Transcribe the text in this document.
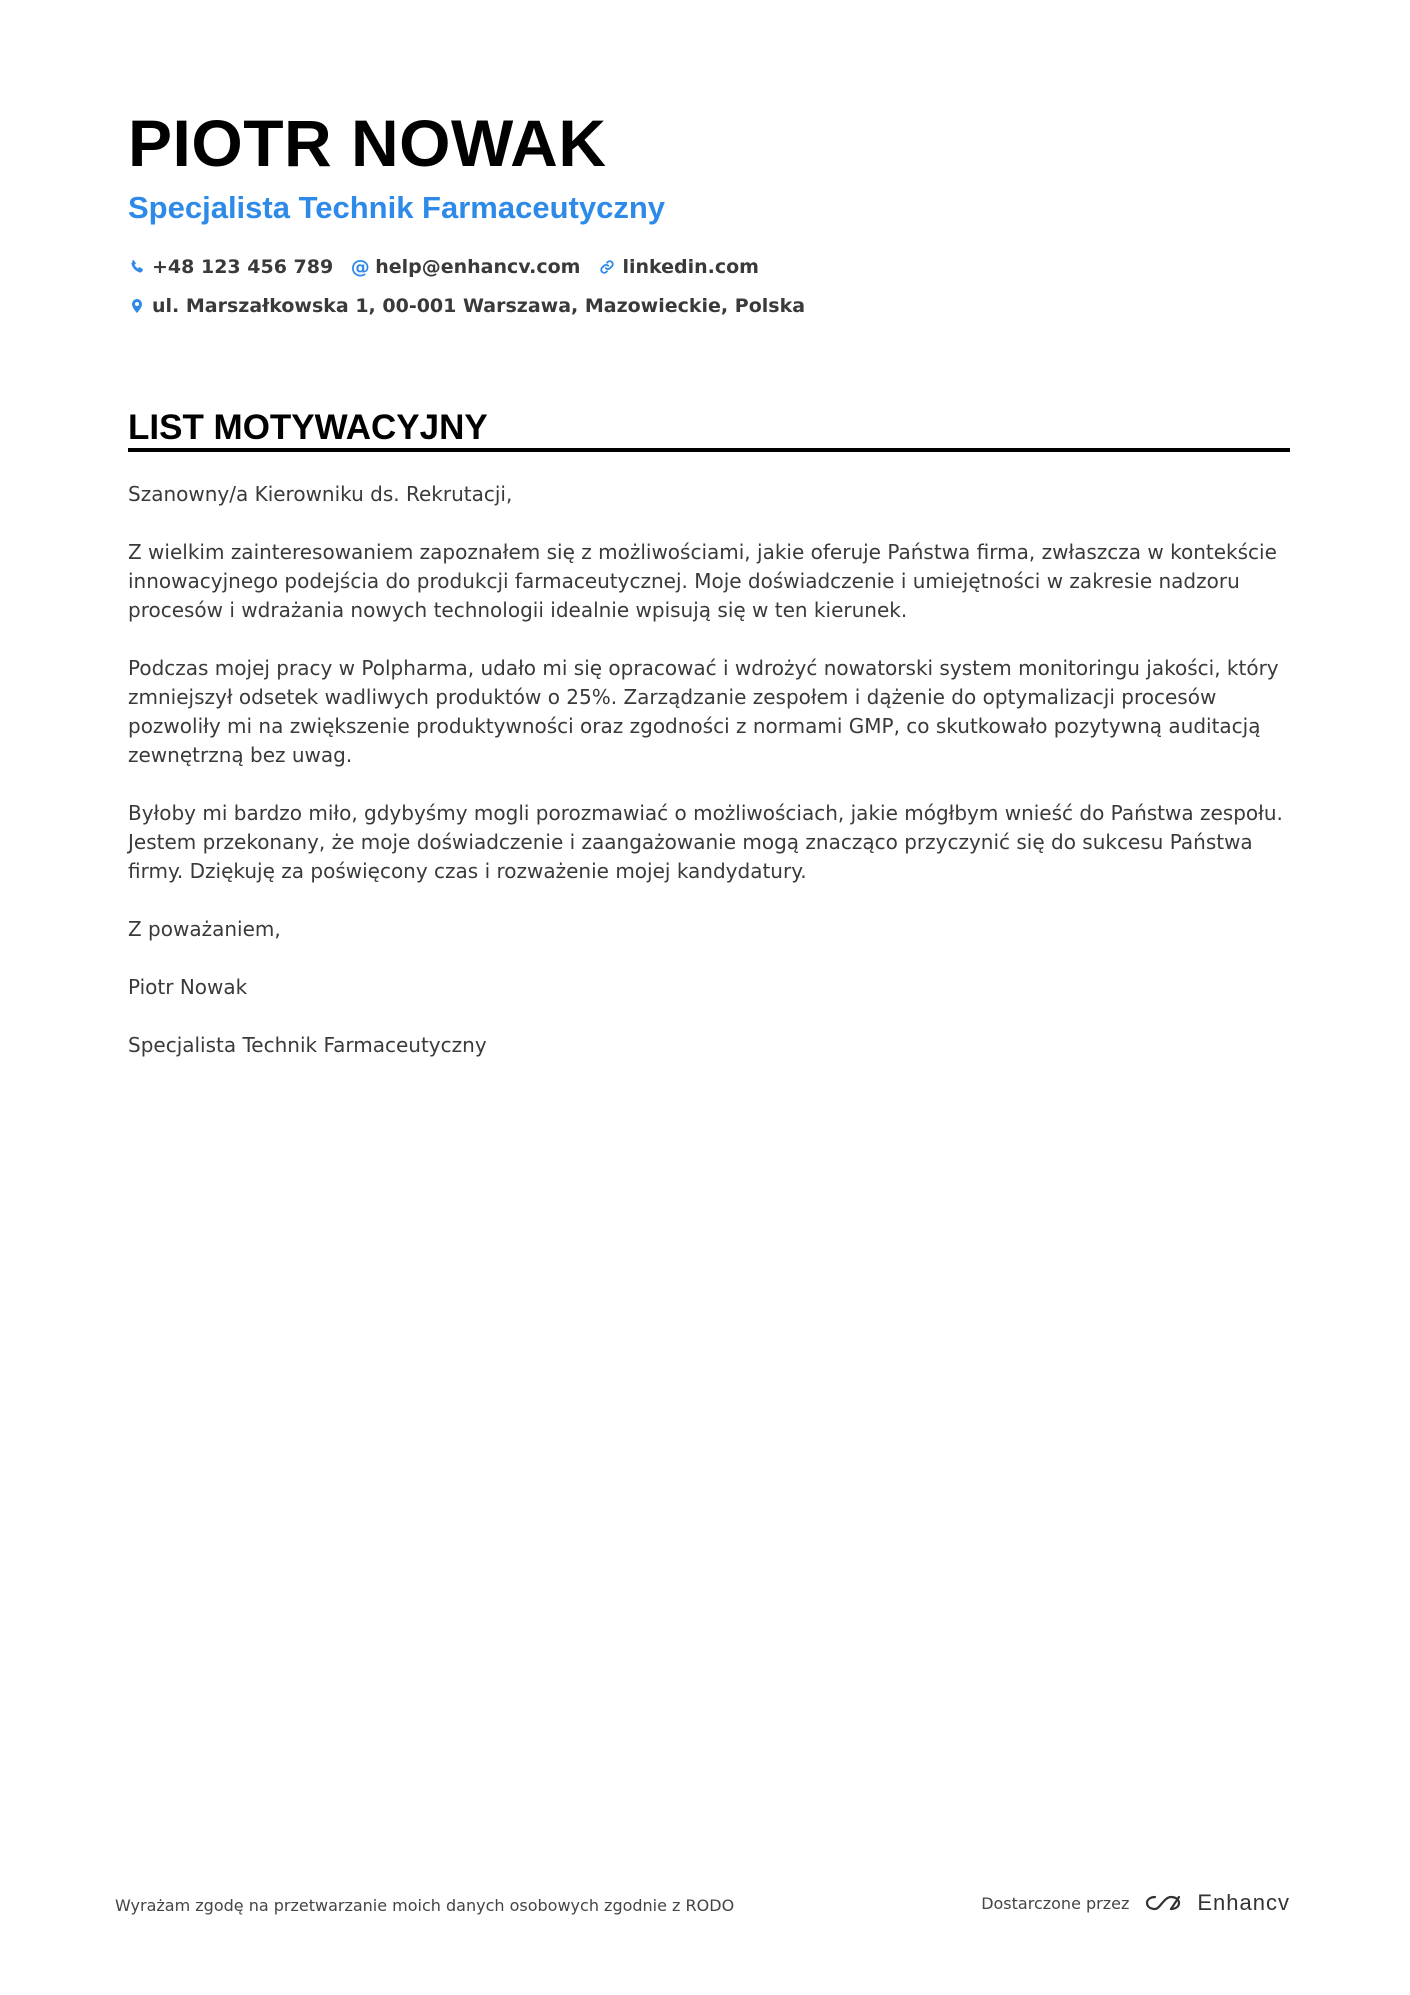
PIOTR NOWAK
Specjalista Technik Farmaceutyczny
+48 123 456 789 @ help@enhancv.com linkedin.com
ul. Marszałkowska 1, 00-001 Warszawa, Mazowieckie, Polska
LIST MOTYWACYJNY

Szanowny/a Kierowniku ds. Rekrutacji,

Z wielkim zainteresowaniem zapoznałem się z możliwościami, jakie oferuje Państwa firma, zwłaszcza w kontekście innowacyjnego podejścia do produkcji farmaceutycznej. Moje doświadczenie i umiejętności w zakresie nadzoru procesów i wdrażania nowych technologii idealnie wpisują się w ten kierunek.

Podczas mojej pracy w Polpharma, udało mi się opracować i wdrożyć nowatorski system monitoringu jakości, który zmniejszył odsetek wadliwych produktów o 25%. Zarządzanie zespołem i dążenie do optymalizacji procesów pozwoliły mi na zwiększenie produktywności oraz zgodności z normami GMP, co skutkowało pozytywną auditacją zewnętrzną bez uwag.

Byłoby mi bardzo miło, gdybyśmy mogli porozmawiać o możliwościach, jakie mógłbym wnieść do Państwa zespołu. Jestem przekonany, że moje doświadczenie i zaangażowanie mogą znacząco przyczynić się do sukcesu Państwa firmy. Dziękuję za poświęcony czas i rozważenie mojej kandydatury.

Z poważaniem,

Piotr Nowak

Specjalista Technik Farmaceutyczny

Wyrażam zgodę na przetwarzanie moich danych osobowych zgodnie z RODO	Dostarczone przez	Enhancv
